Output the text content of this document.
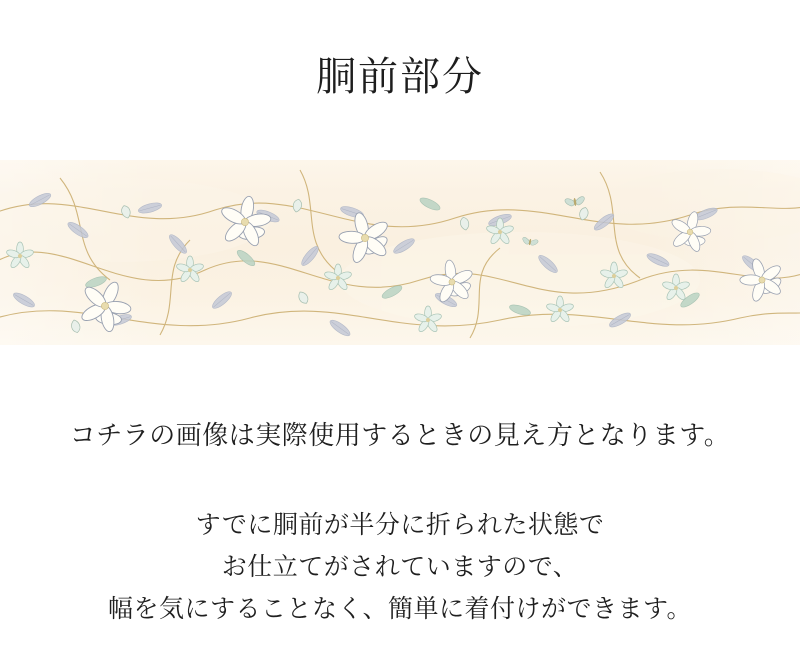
胴前部分
コチラの画像は実際使用するときの見え方となります。
すでに胴前が半分に折られた状態で
お仕立てがされていますので、
幅を気にすることなく、簡単に着付けができます。
